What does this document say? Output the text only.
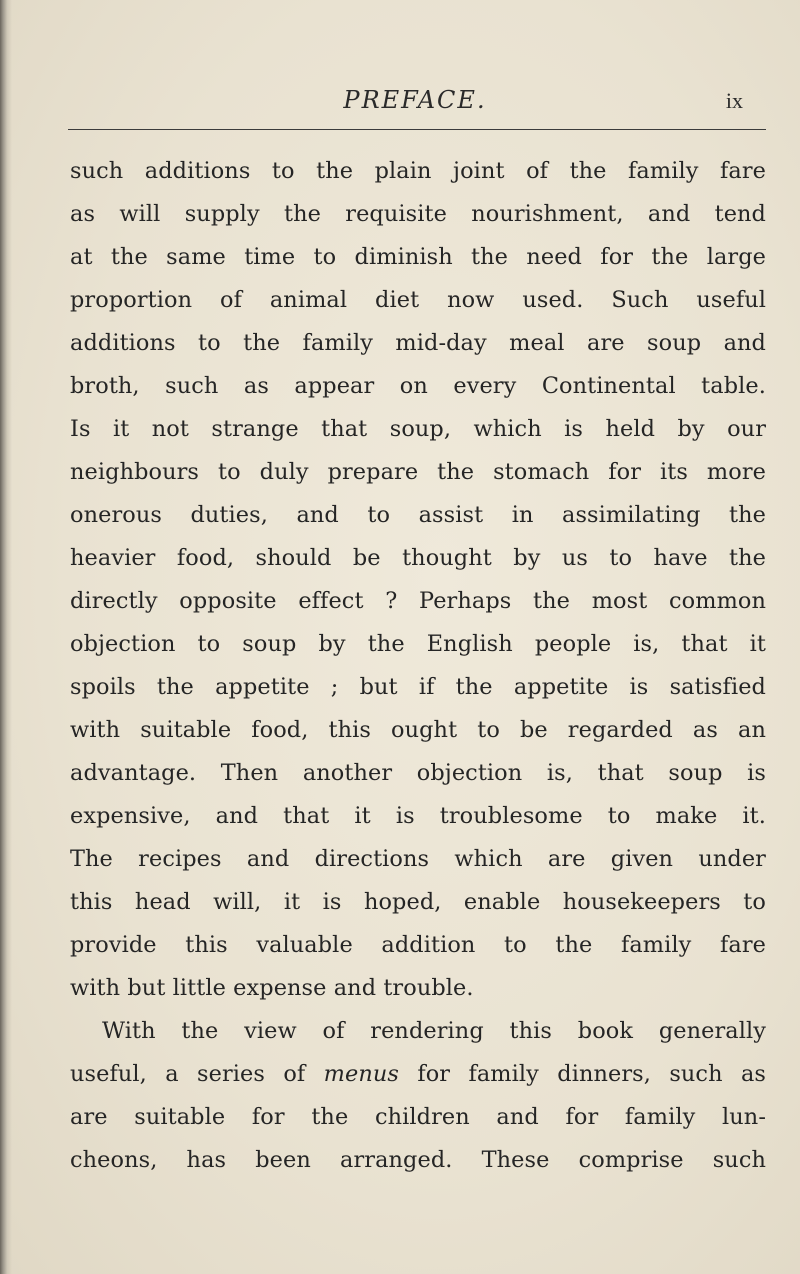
PREFACE.	ix
such additions to the plain joint of the family fare
as will supply the requisite nourishment, and tend
at the same time to diminish the need for the large
proportion of animal diet now used. Such useful
additions to the family mid-day meal are soup and
broth, such as appear on every Continental table.
Is it not strange that soup, which is held by our
neighbours to duly prepare the stomach for its more
onerous duties, and to assist in assimilating the
heavier food, should be thought by us to have the
directly opposite effect ? Perhaps the most common
objection to soup by the English people is, that it
spoils the appetite ; but if the appetite is satisfied
with suitable food, this ought to be regarded as an
advantage. Then another objection is, that soup is
expensive, and that it is troublesome to make it.
The recipes and directions which are given under
this head will, it is hoped, enable housekeepers to
provide this valuable addition to the family fare
with but little expense and trouble.
With the view of rendering this book generally
useful, a series of menus for family dinners, such as
are suitable for the children and for family lun-
cheons, has been arranged. These comprise such
